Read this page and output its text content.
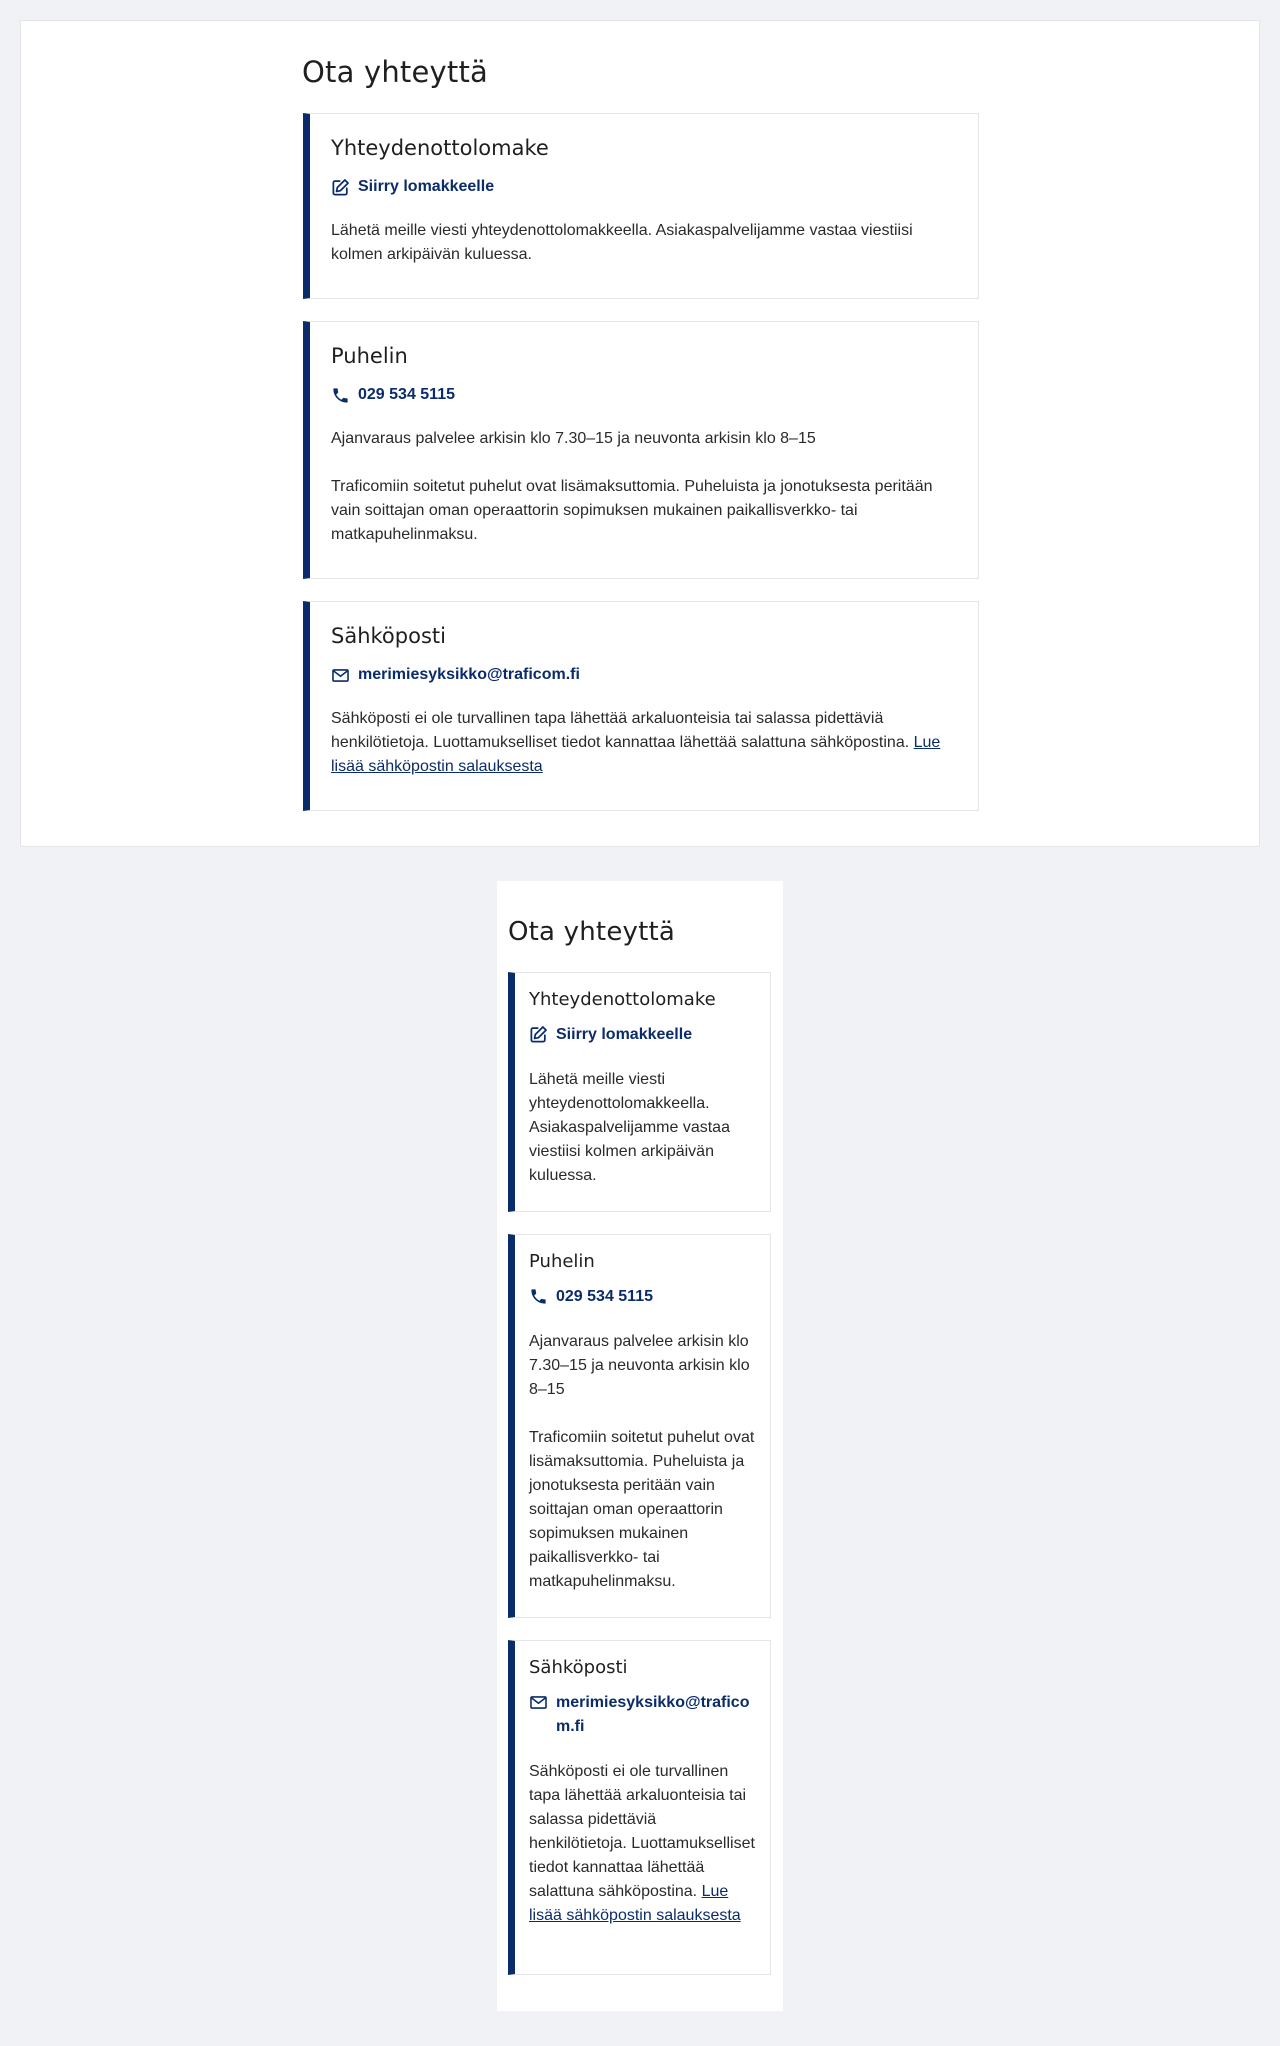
Ota yhteyttä
Yhteydenottolomake
Siirry lomakkeelle

Lähetä meille viesti yhteydenottolomakkeella. Asiakaspalvelijamme vastaa viestiisi kolmen arkipäivän kuluessa.

Puhelin
029 534 5115

Ajanvaraus palvelee arkisin klo 7.30–15 ja neuvonta arkisin klo 8–15

Traficomiin soitetut puhelut ovat lisämaksuttomia. Puheluista ja jonotuksesta peritään vain soittajan oman operaattorin sopimuksen mukainen paikallisverkko- tai matkapuhelinmaksu.

Sähköposti
merimiesyksikko@traficom.fi

Sähköposti ei ole turvallinen tapa lähettää arkaluonteisia tai salassa pidettäviä henkilötietoja. Luottamukselliset tiedot kannattaa lähettää salattuna sähköpostina. Lue lisää sähköpostin salauksesta

Ota yhteyttä
Yhteydenottolomake
Siirry lomakkeelle

Lähetä meille viesti yhteydenottolomakkeella. Asiakaspalvelijamme vastaa viestiisi kolmen arkipäivän kuluessa.

Puhelin
029 534 5115

Ajanvaraus palvelee arkisin klo 7.30–15 ja neuvonta arkisin klo 8–15

Traficomiin soitetut puhelut ovat lisämaksuttomia. Puheluista ja jonotuksesta peritään vain soittajan oman operaattorin sopimuksen mukainen paikallisverkko- tai matkapuhelinmaksu.

Sähköposti
merimiesyksikko@traficom.fi

Sähköposti ei ole turvallinen tapa lähettää arkaluonteisia tai salassa pidettäviä henkilötietoja. Luottamukselliset tiedot kannattaa lähettää salattuna sähköpostina. Lue lisää sähköpostin salauksesta
